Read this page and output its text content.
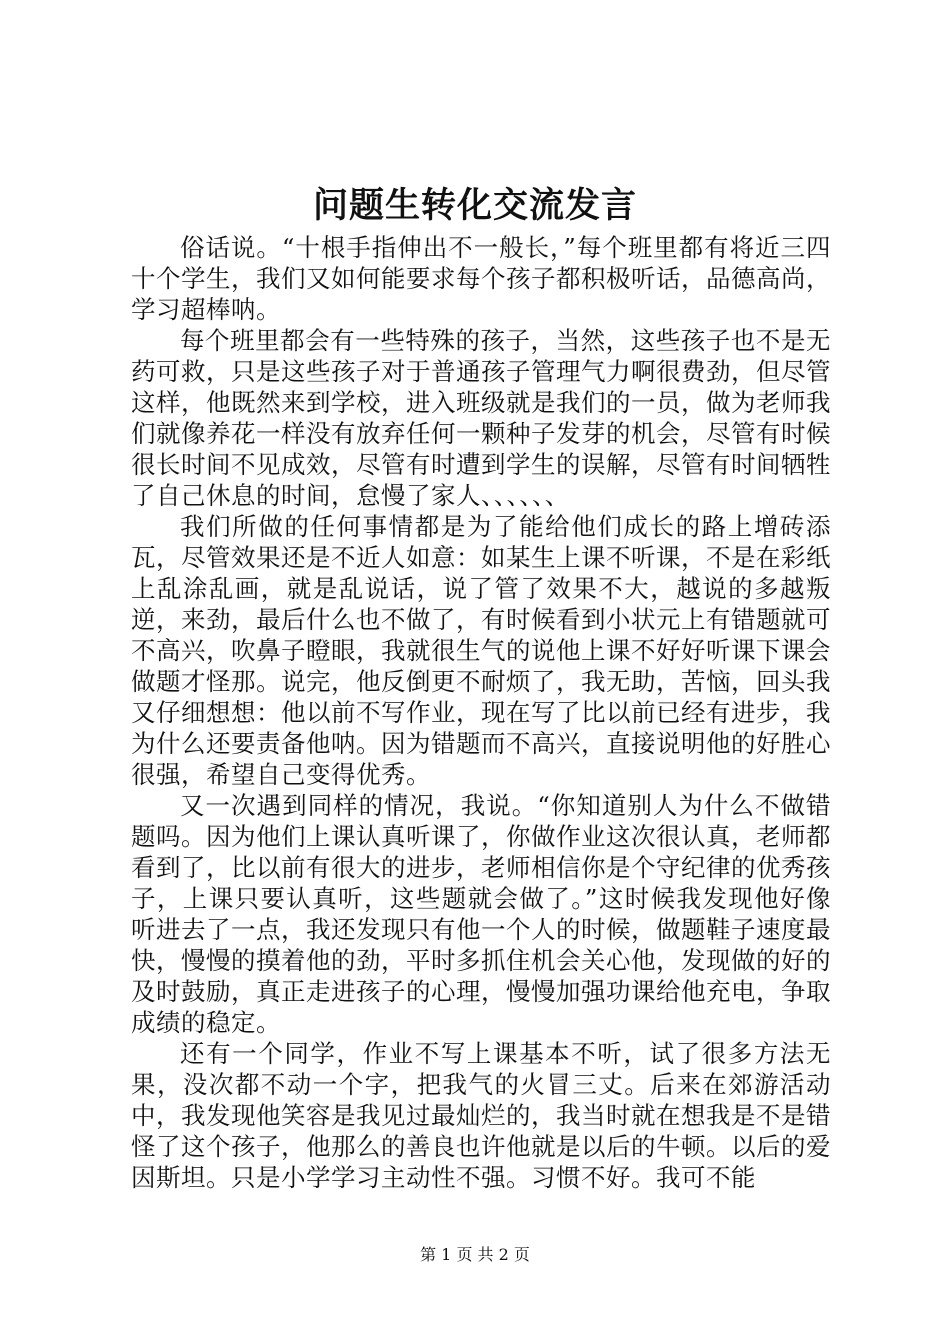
问题生转化交流发言

俗话说。“十根手指伸出不一般长，”每个班里都有将近三四十个学生，我们又如何能要求每个孩子都积极听话，品德高尚，学习超棒呐。

每个班里都会有一些特殊的孩子，当然，这些孩子也不是无药可救，只是这些孩子对于普通孩子管理气力啊很费劲，但尽管这样，他既然来到学校，进入班级就是我们的一员，做为老师我们就像养花一样没有放弃任何一颗种子发芽的机会，尽管有时候很长时间不见成效，尽管有时遭到学生的误解，尽管有时间牺牲了自己休息的时间，怠慢了家人、、、、、、

我们所做的任何事情都是为了能给他们成长的路上增砖添瓦，尽管效果还是不近人如意：如某生上课不听课，不是在彩纸上乱涂乱画，就是乱说话，说了管了效果不大，越说的多越叛逆，来劲，最后什么也不做了，有时候看到小状元上有错题就可不高兴，吹鼻子瞪眼，我就很生气的说他上课不好好听课下课会做题才怪那。说完，他反倒更不耐烦了，我无助，苦恼，回头我又仔细想想：他以前不写作业，现在写了比以前已经有进步，我为什么还要责备他呐。因为错题而不高兴，直接说明他的好胜心很强，希望自己变得优秀。

又一次遇到同样的情况，我说。“你知道别人为什么不做错题吗。因为他们上课认真听课了，你做作业这次很认真，老师都看到了，比以前有很大的进步，老师相信你是个守纪律的优秀孩子，上课只要认真听，这些题就会做了。”这时候我发现他好像听进去了一点，我还发现只有他一个人的时候，做题鞋子速度最快，慢慢的摸着他的劲，平时多抓住机会关心他，发现做的好的及时鼓励，真正走进孩子的心理，慢慢加强功课给他充电，争取成绩的稳定。

还有一个同学，作业不写上课基本不听，试了很多方法无果，没次都不动一个字，把我气的火冒三丈。后来在郊游活动中，我发现他笑容是我见过最灿烂的，我当时就在想我是不是错怪了这个孩子，他那么的善良也许他就是以后的牛顿。以后的爱因斯坦。只是小学学习主动性不强。习惯不好。我可不能

第 1 页 共 2 页
